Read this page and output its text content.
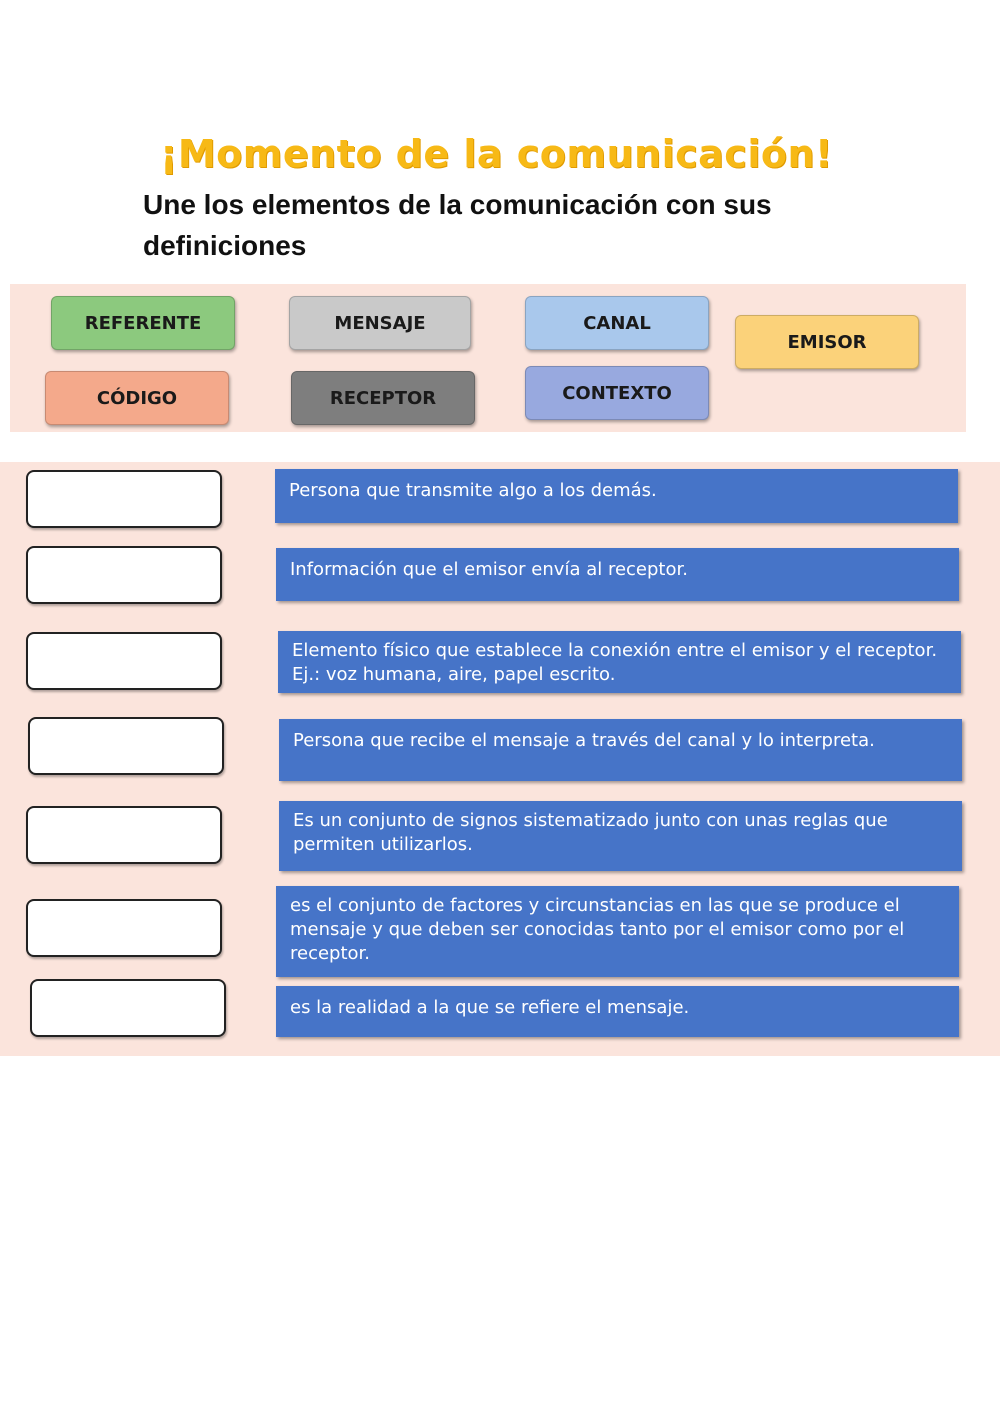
¡Momento de la comunicación!
Une los elementos de la comunicación con sus definiciones
REFERENTE	MENSAJE	CANAL
EMISOR
CÓDIGO	RECEPTOR	CONTEXTO
Persona que transmite algo a los demás.
Información que el emisor envía al receptor.
Elemento físico que establece la conexión entre el emisor y el receptor. Ej.: voz humana, aire, papel escrito.
Persona que recibe el mensaje a través del canal y lo interpreta.
Es un conjunto de signos sistematizado junto con unas reglas que permiten utilizarlos.
es el conjunto de factores y circunstancias en las que se produce el mensaje y que deben ser conocidas tanto por el emisor como por el receptor.
es la realidad a la que se refiere el mensaje.
